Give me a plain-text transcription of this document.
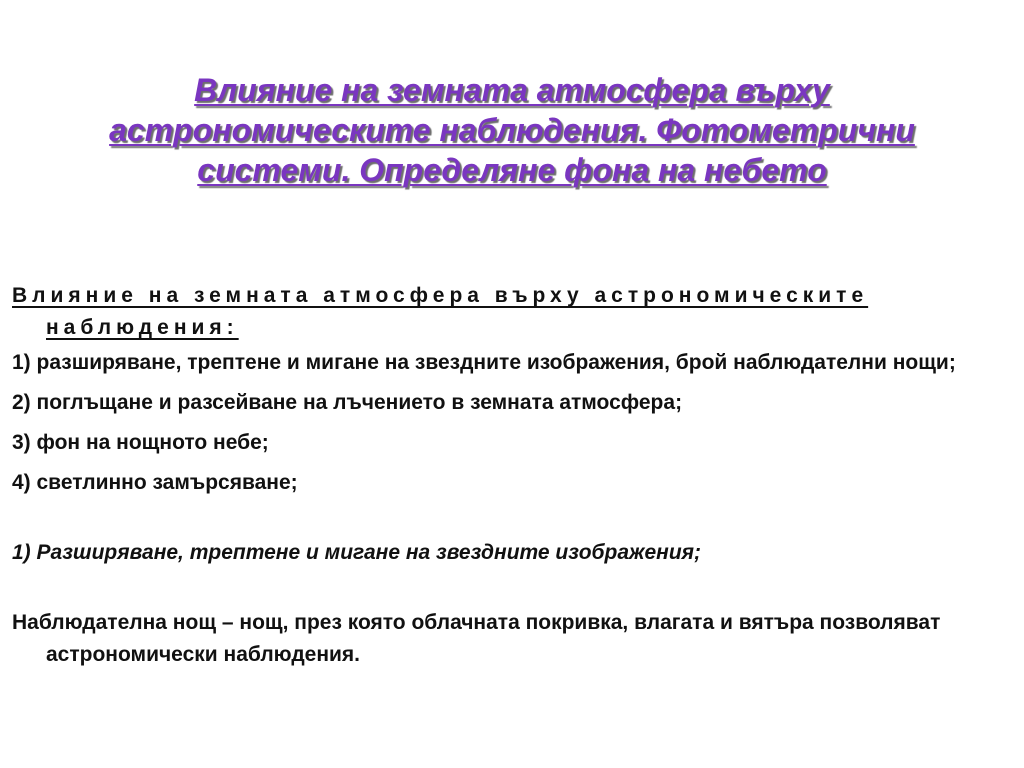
Влияние на земната атмосфера върху астрономическите наблюдения. Фотометрични системи. Определяне фона на небето

Влияние на земната атмосфера върху астрономическите наблюдения:

1) разширяване, трептене и мигане на звездните изображения, брой наблюдателни нощи;

2) поглъщане и разсейване на лъчението в земната атмосфера;

3) фон на нощното небе;

4) светлинно замърсяване;

1) Разширяване, трептене и мигане на звездните изображения;

Наблюдателна нощ – нощ, през която облачната покривка, влагата и вятъра позволяват астрономически наблюдения.
